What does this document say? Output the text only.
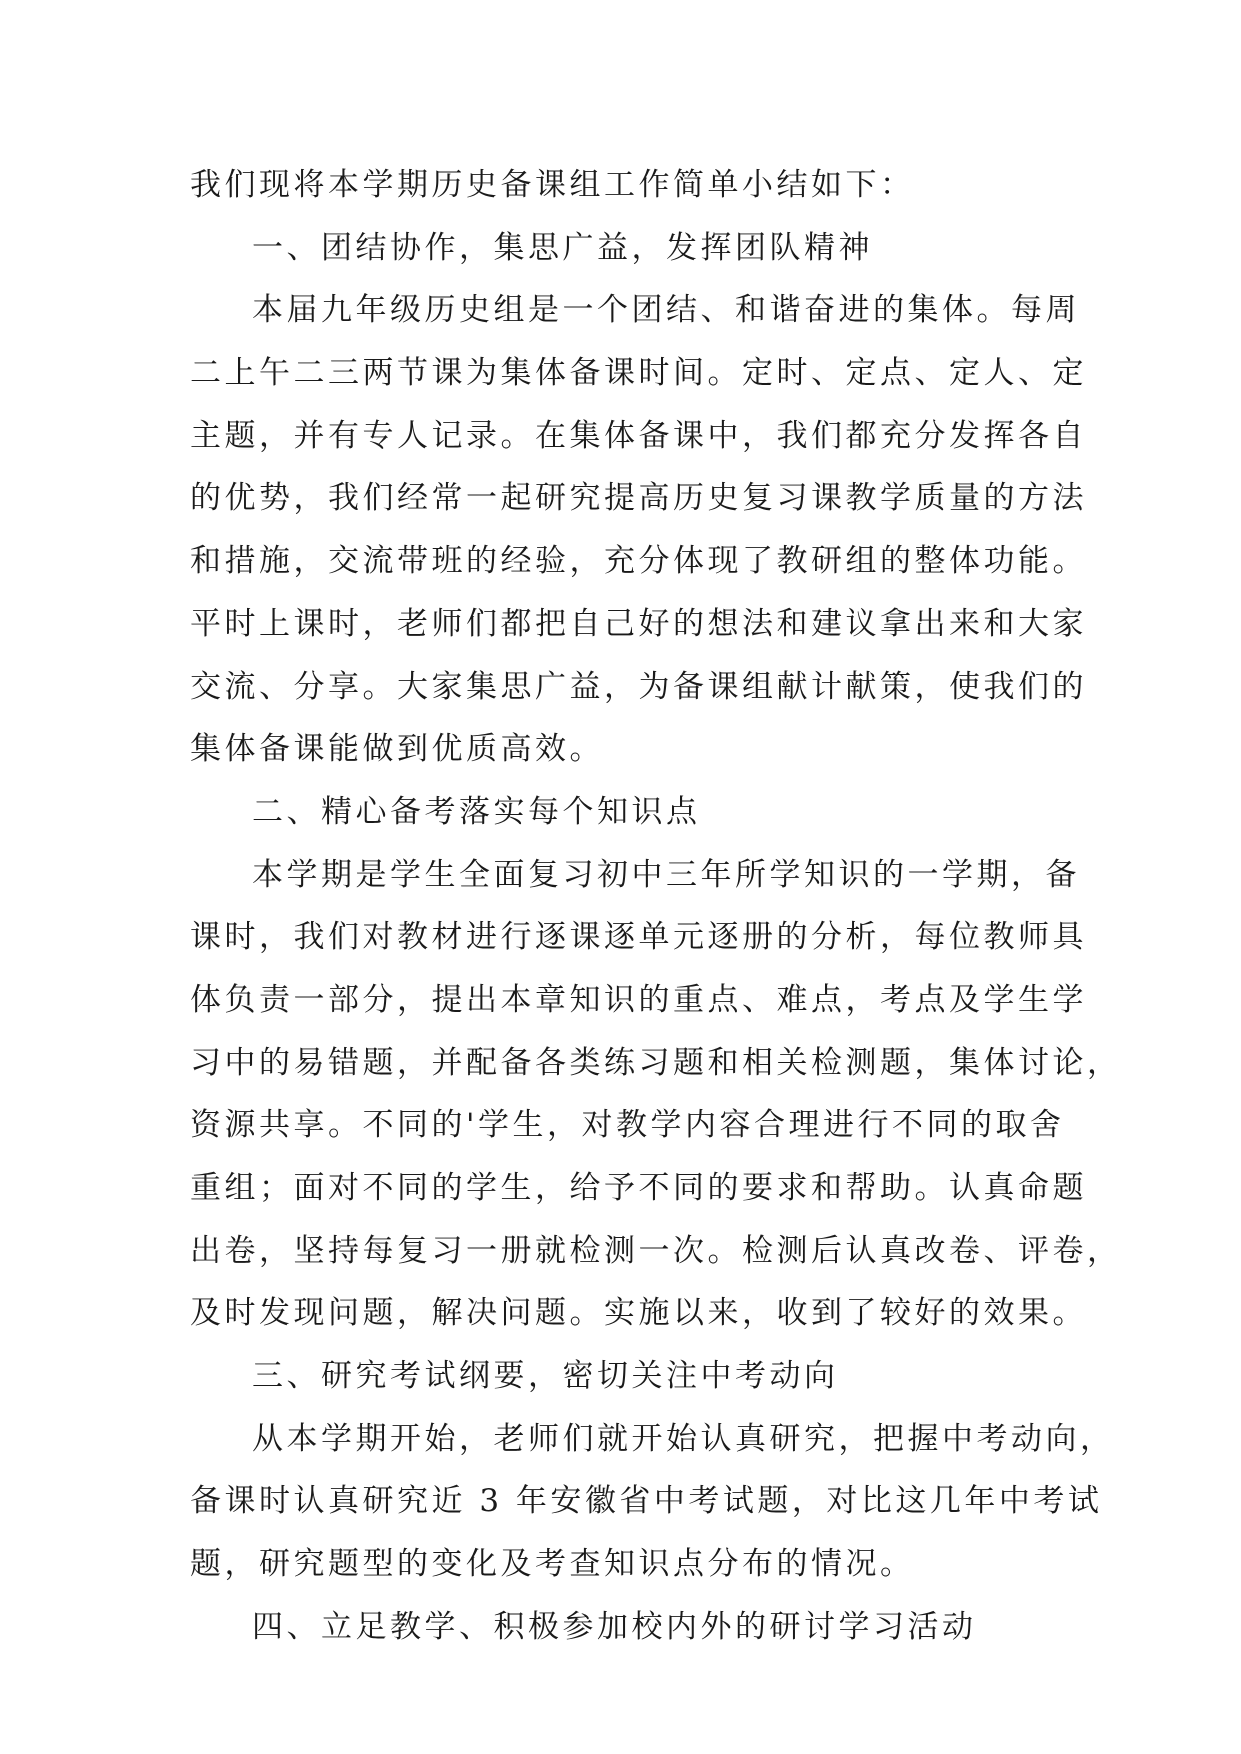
我们现将本学期历史备课组工作简单小结如下：
一、团结协作，集思广益，发挥团队精神
本届九年级历史组是一个团结、和谐奋进的集体。每周
二上午二三两节课为集体备课时间。定时、定点、定人、定
主题，并有专人记录。在集体备课中，我们都充分发挥各自
的优势，我们经常一起研究提高历史复习课教学质量的方法
和措施，交流带班的经验，充分体现了教研组的整体功能。
平时上课时，老师们都把自己好的想法和建议拿出来和大家
交流、分享。大家集思广益，为备课组献计献策，使我们的
集体备课能做到优质高效。
二、精心备考落实每个知识点
本学期是学生全面复习初中三年所学知识的一学期，备
课时，我们对教材进行逐课逐单元逐册的分析，每位教师具
体负责一部分，提出本章知识的重点、难点，考点及学生学
习中的易错题，并配备各类练习题和相关检测题，集体讨论，
资源共享。不同的'学生，对教学内容合理进行不同的取舍
重组；面对不同的学生，给予不同的要求和帮助。认真命题
出卷，坚持每复习一册就检测一次。检测后认真改卷、评卷，
及时发现问题，解决问题。实施以来，收到了较好的效果。
三、研究考试纲要，密切关注中考动向
从本学期开始，老师们就开始认真研究，把握中考动向，
备课时认真研究近 3 年安徽省中考试题，对比这几年中考试
题，研究题型的变化及考查知识点分布的情况。
四、立足教学、积极参加校内外的研讨学习活动
